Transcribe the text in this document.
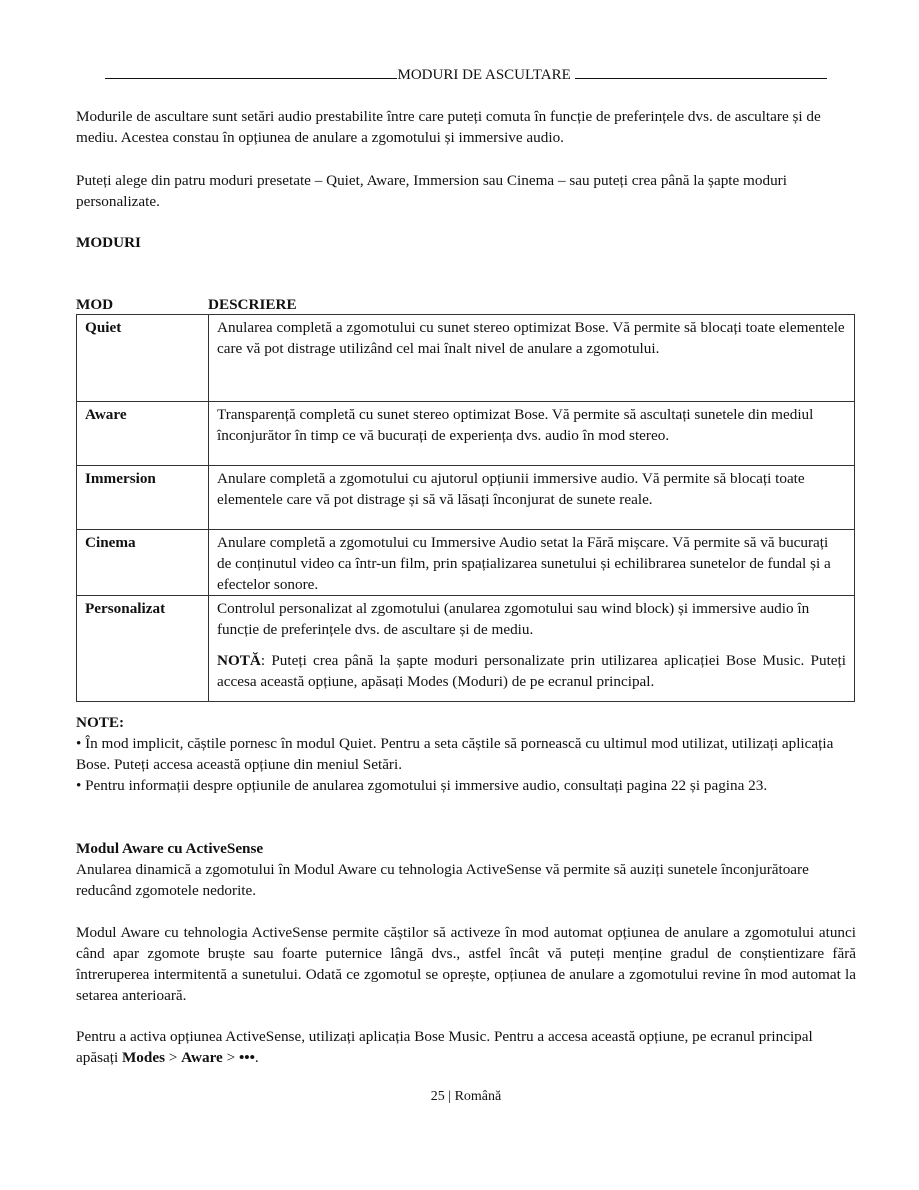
MODURI DE ASCULTARE

Modurile de ascultare sunt setări audio prestabilite între care puteți comuta în funcție de preferințele dvs. de ascultare și de mediu. Acestea constau în opțiunea de anulare a zgomotului și immersive audio.

Puteți alege din patru moduri presetate – Quiet, Aware, Immersion sau Cinema – sau puteți crea până la șapte moduri personalizate.

MODURI
MOD	DESCRIERE
Quiet	Anularea completă a zgomotului cu sunet stereo optimizat Bose. Vă permite să blocați toate elementele care vă pot distrage utilizând cel mai înalt nivel de anulare a zgomotului.
Aware	Transparență completă cu sunet stereo optimizat Bose. Vă permite să ascultați sunetele din mediul înconjurător în timp ce vă bucurați de experiența dvs. audio în mod stereo.
Immersion	Anulare completă a zgomotului cu ajutorul opțiunii immersive audio. Vă permite să blocați toate elementele care vă pot distrage și să vă lăsați înconjurat de sunete reale.
Cinema	Anulare completă a zgomotului cu Immersive Audio setat la Fără mișcare. Vă permite să vă bucurați de conținutul video ca într-un film, prin spațializarea sunetului și echilibrarea sunetelor de fundal și a efectelor sonore.
Personalizat	Controlul personalizat al zgomotului (anularea zgomotului sau wind block) și immersive audio în funcție de preferințele dvs. de ascultare și de mediu.
NOTĂ: Puteți crea până la șapte moduri personalizate prin utilizarea aplicației Bose Music. Puteți accesa această opțiune, apăsați Modes (Moduri) de pe ecranul principal.
NOTE:
• În mod implicit, căștile pornesc în modul Quiet. Pentru a seta căștile să pornească cu ultimul mod utilizat, utilizați aplicația Bose. Puteți accesa această opțiune din meniul Setări.
• Pentru informații despre opțiunile de anularea zgomotului și immersive audio, consultați pagina 22 și pagina 23.
Modul Aware cu ActiveSense
Anularea dinamică a zgomotului în Modul Aware cu tehnologia ActiveSense vă permite să auziți sunetele înconjurătoare reducând zgomotele nedorite.

Modul Aware cu tehnologia ActiveSense permite căștilor să activeze în mod automat opțiunea de anulare a zgomotului atunci când apar zgomote bruște sau foarte puternice lângă dvs., astfel încât vă puteți menține gradul de conștientizare fără întreruperea intermitentă a sunetului. Odată ce zgomotul se oprește, opțiunea de anulare a zgomotului revine în mod automat la setarea anterioară.

Pentru a activa opțiunea ActiveSense, utilizați aplicația Bose Music. Pentru a accesa această opțiune, pe ecranul principal apăsați Modes > Aware > •••.

25 | Română
